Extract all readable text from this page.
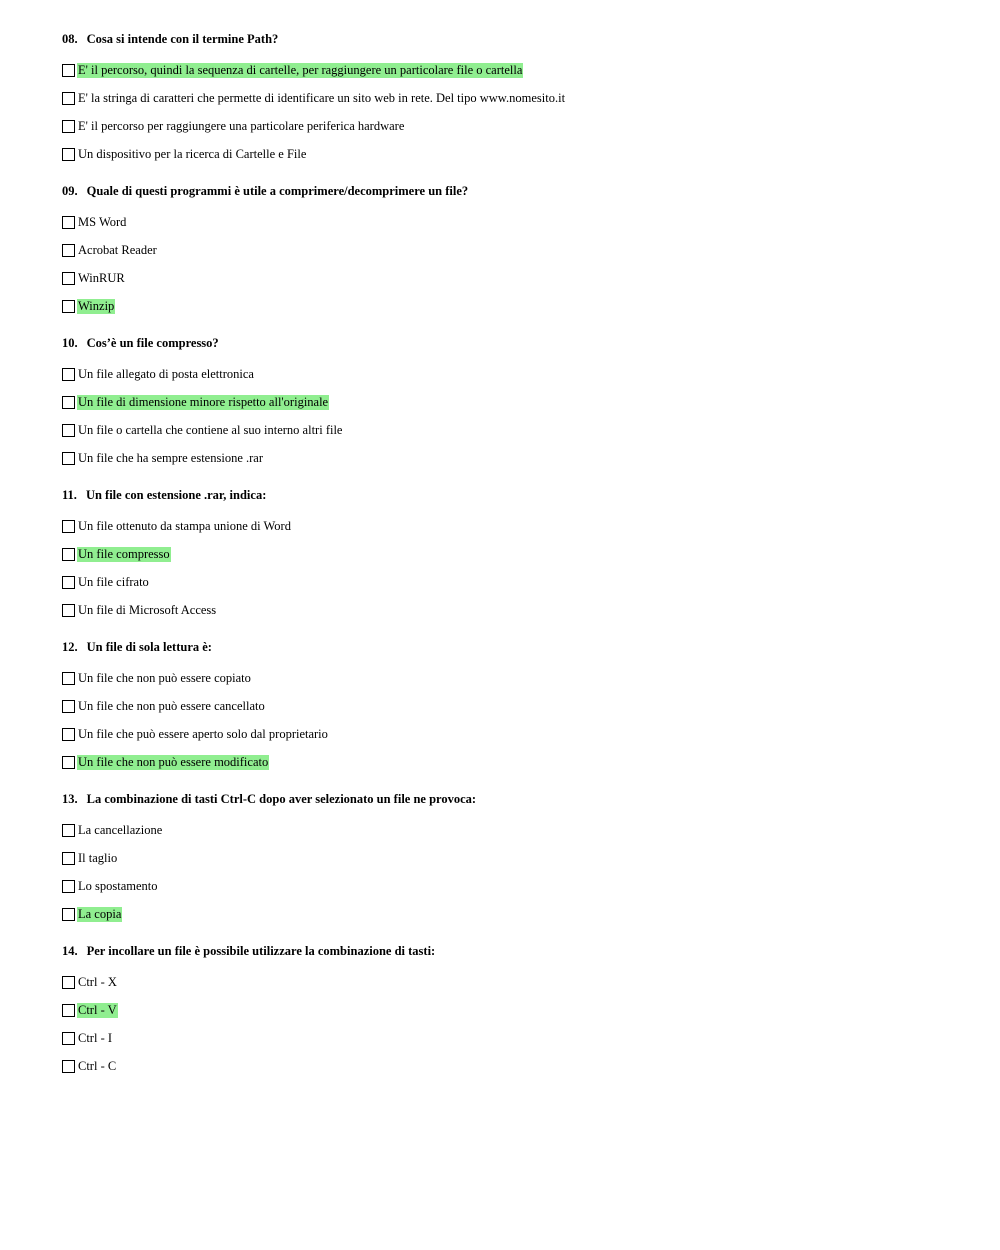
08. Cosa si intende con il termine Path?
E' il percorso, quindi la sequenza di cartelle, per raggiungere un particolare file o cartella
E' la stringa di caratteri che permette di identificare un sito web in rete. Del tipo www.nomesito.it
E' il percorso per raggiungere una particolare periferica hardware
Un dispositivo per la ricerca di Cartelle e File
09. Quale di questi programmi è utile a comprimere/decomprimere un file?
MS Word
Acrobat Reader
WinRUR
Winzip
10. Cos’è un file compresso?
Un file allegato di posta elettronica
Un file di dimensione minore rispetto all'originale
Un file o cartella che contiene al suo interno altri file
Un file che ha sempre estensione .rar
11. Un file con estensione .rar, indica:
Un file ottenuto da stampa unione di Word
Un file compresso
Un file cifrato
Un file di Microsoft Access
12. Un file di sola lettura è:
Un file che non può essere copiato
Un file che non può essere cancellato
Un file che può essere aperto solo dal proprietario
Un file che non può essere modificato
13. La combinazione di tasti Ctrl-C dopo aver selezionato un file ne provoca:
La cancellazione
Il taglio
Lo spostamento
La copia
14. Per incollare un file è possibile utilizzare la combinazione di tasti:
Ctrl - X
Ctrl - V
Ctrl - I
Ctrl - C
